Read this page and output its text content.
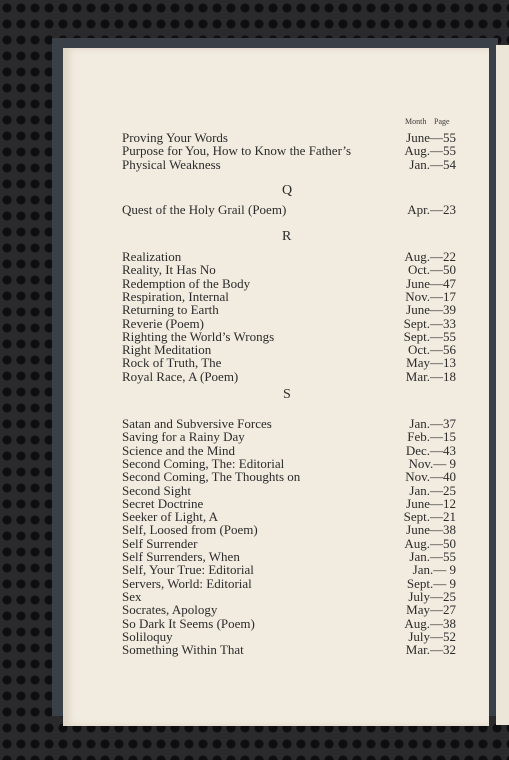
Month Page
Proving Your Words	June—55
Purpose for You, How to Know the Father’s	Aug.—55
Physical Weakness	Jan.—54
Q
Quest of the Holy Grail (Poem)	Apr.—23
R
Realization	Aug.—22
Reality, It Has No	Oct.—50
Redemption of the Body	June—47
Respiration, Internal	Nov.—17
Returning to Earth	June—39
Reverie (Poem)	Sept.—33
Righting the World’s Wrongs	Sept.—55
Right Meditation	Oct.—56
Rock of Truth, The	May—13
Royal Race, A (Poem)	Mar.—18
S
Satan and Subversive Forces	Jan.—37
Saving for a Rainy Day	Feb.—15
Science and the Mind	Dec.—43
Second Coming, The: Editorial	Nov.— 9
Second Coming, The Thoughts on	Nov.—40
Second Sight	Jan.—25
Secret Doctrine	June—12
Seeker of Light, A	Sept.—21
Self, Loosed from (Poem)	June—38
Self Surrender	Aug.—50
Self Surrenders, When	Jan.—55
Self, Your True: Editorial	Jan.— 9
Servers, World: Editorial	Sept.— 9
Sex	July—25
Socrates, Apology	May—27
So Dark It Seems (Poem)	Aug.—38
Soliloquy	July—52
Something Within That	Mar.—32
